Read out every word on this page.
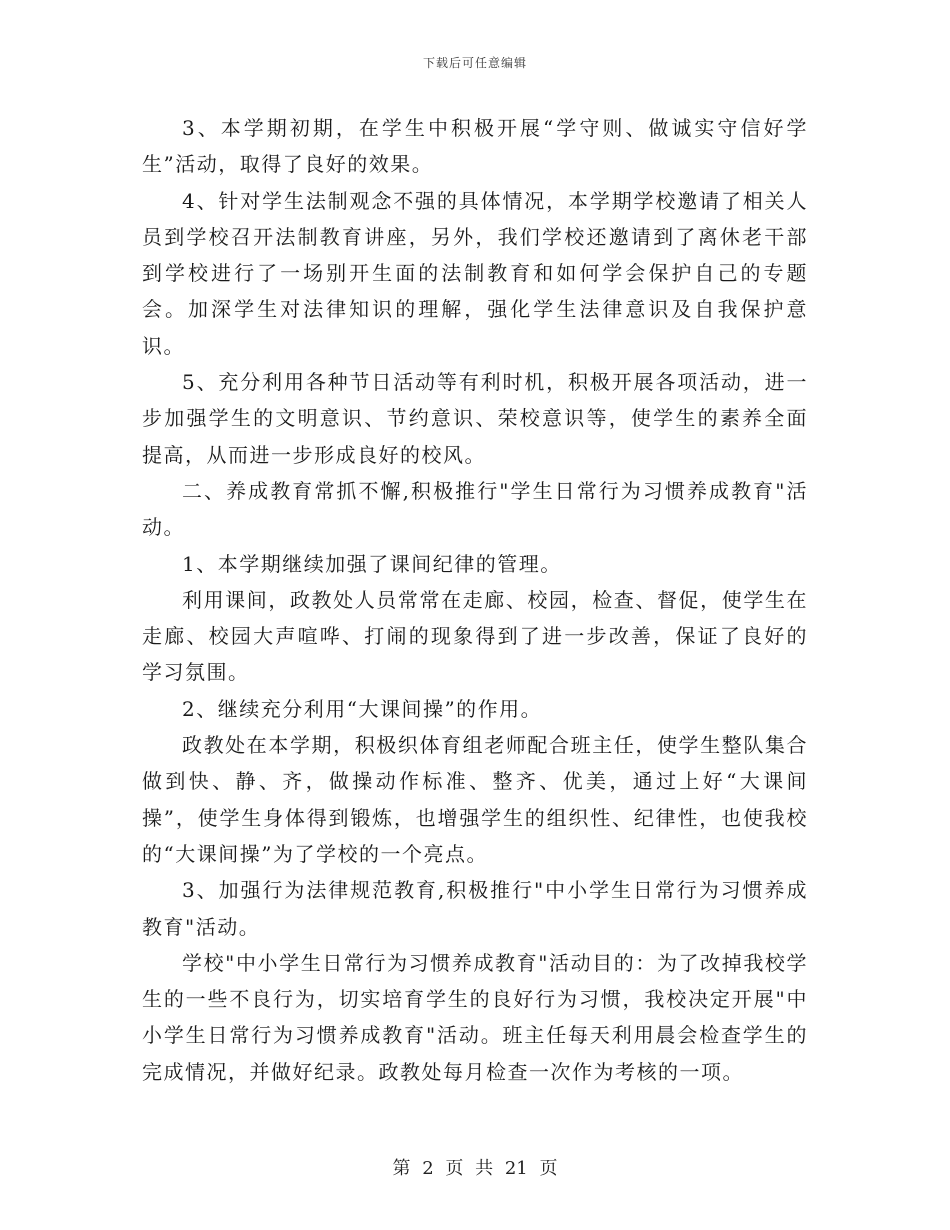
下载后可任意编辑

3、本学期初期，在学生中积极开展“学守则、做诚实守信好学生”活动，取得了良好的效果。

4、针对学生法制观念不强的具体情况，本学期学校邀请了相关人员到学校召开法制教育讲座，另外，我们学校还邀请到了离休老干部到学校进行了一场别开生面的法制教育和如何学会保护自己的专题会。加深学生对法律知识的理解，强化学生法律意识及自我保护意识。

5、充分利用各种节日活动等有利时机，积极开展各项活动，进一步加强学生的文明意识、节约意识、荣校意识等，使学生的素养全面提高，从而进一步形成良好的校风。

二、养成教育常抓不懈,积极推行"学生日常行为习惯养成教育"活动。

1、本学期继续加强了课间纪律的管理。

利用课间，政教处人员常常在走廊、校园，检查、督促，使学生在走廊、校园大声喧哗、打闹的现象得到了进一步改善，保证了良好的学习氛围。

2、继续充分利用“大课间操”的作用。

政教处在本学期，积极织体育组老师配合班主任，使学生整队集合做到快、静、齐，做操动作标准、整齐、优美，通过上好“大课间操”，使学生身体得到锻炼，也增强学生的组织性、纪律性，也使我校的“大课间操”为了学校的一个亮点。

3、加强行为法律规范教育,积极推行"中小学生日常行为习惯养成教育"活动。

学校"中小学生日常行为习惯养成教育"活动目的：为了改掉我校学生的一些不良行为，切实培育学生的良好行为习惯，我校决定开展"中小学生日常行为习惯养成教育"活动。班主任每天利用晨会检查学生的完成情况，并做好纪录。政教处每月检查一次作为考核的一项。

第 2 页 共 21 页
